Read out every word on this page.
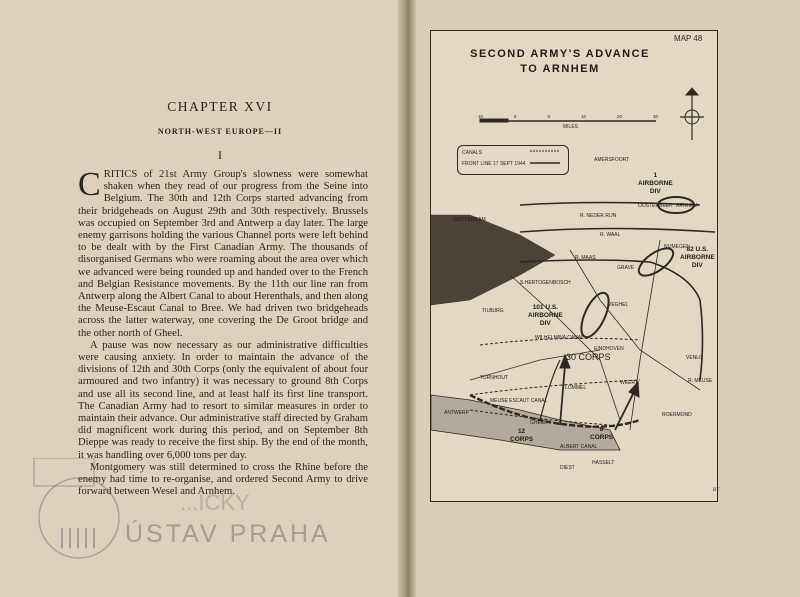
CHAPTER XVI
NORTH-WEST EUROPE—II
I

CRITICS of 21st Army Group's slowness were somewhat shaken when they read of our progress from the Seine into Belgium. The 30th and 12th Corps started advancing from their bridgeheads on August 29th and 30th respectively. Brussels was occupied on September 3rd and Antwerp a day later. The large enemy garrisons holding the various Channel ports were left behind to be dealt with by the First Canadian Army. The thousands of disorganised Germans who were roaming about the area over which we advanced were being rounded up and handed over to the French and Belgian Resistance movements. By the 11th our line ran from Antwerp along the Albert Canal to about Herenthals, and then along the Meuse-Escaut Canal to Bree. We had driven two bridgeheads across the latter waterway, one covering the De Groot bridge and the other north of Gheel.

A pause was now necessary as our administrative difficulties were causing anxiety. In order to maintain the advance of the divisions of 12th and 30th Corps (only the equivalent of about four armoured and two infantry) it was necessary to ground 8th Corps and use all its second line, and at least half its first line transport. The Canadian Army had to resort to similar measures in order to maintain their advance. Our administrative staff directed by Graham did magnificent work during this period, and on September 8th Dieppe was ready to receive the first ship. By the end of the month, it was handling over 6,000 tons per day.

Montgomery was still determined to cross the Rhine before the enemy had time to re-organise, and ordered Second Army to drive forward between Wesel and Arnhem.

...ICKY
ÚSTAV PRAHA
MAP 48
SECOND ARMY'S ADVANCE
TO ARNHEM
10	5	0	10	20	30
MILES
CANALS
FRONT LINE 17 SEPT 1944
AMERSFOORT
1
AIRBORNE
DIV
OOSTERBEEK ARNHEM
ROTTERDAM
R. NEDER RIJN
R. WAAL
NIJMEGEN
82 U.S.
AIRBORNE
DIV
R. MAAS
GRAVE
S.HERTOGENBOSCH
TILBURG	101 U.S.
AIRBORNE
DIV
VEGHEL
WILHELMINA CANAL
EINDHOVEN
30 CORPS	VENLO
TURNHOUT
WEERT
LOMMEL
MEUSE ESCAUT CANAL
ANTWERP
GHEEL
R. MEUSE
ROERMOND
12
CORPS
8
CORPS
ALBERT CANAL
HASSELT
DIEST
BT
